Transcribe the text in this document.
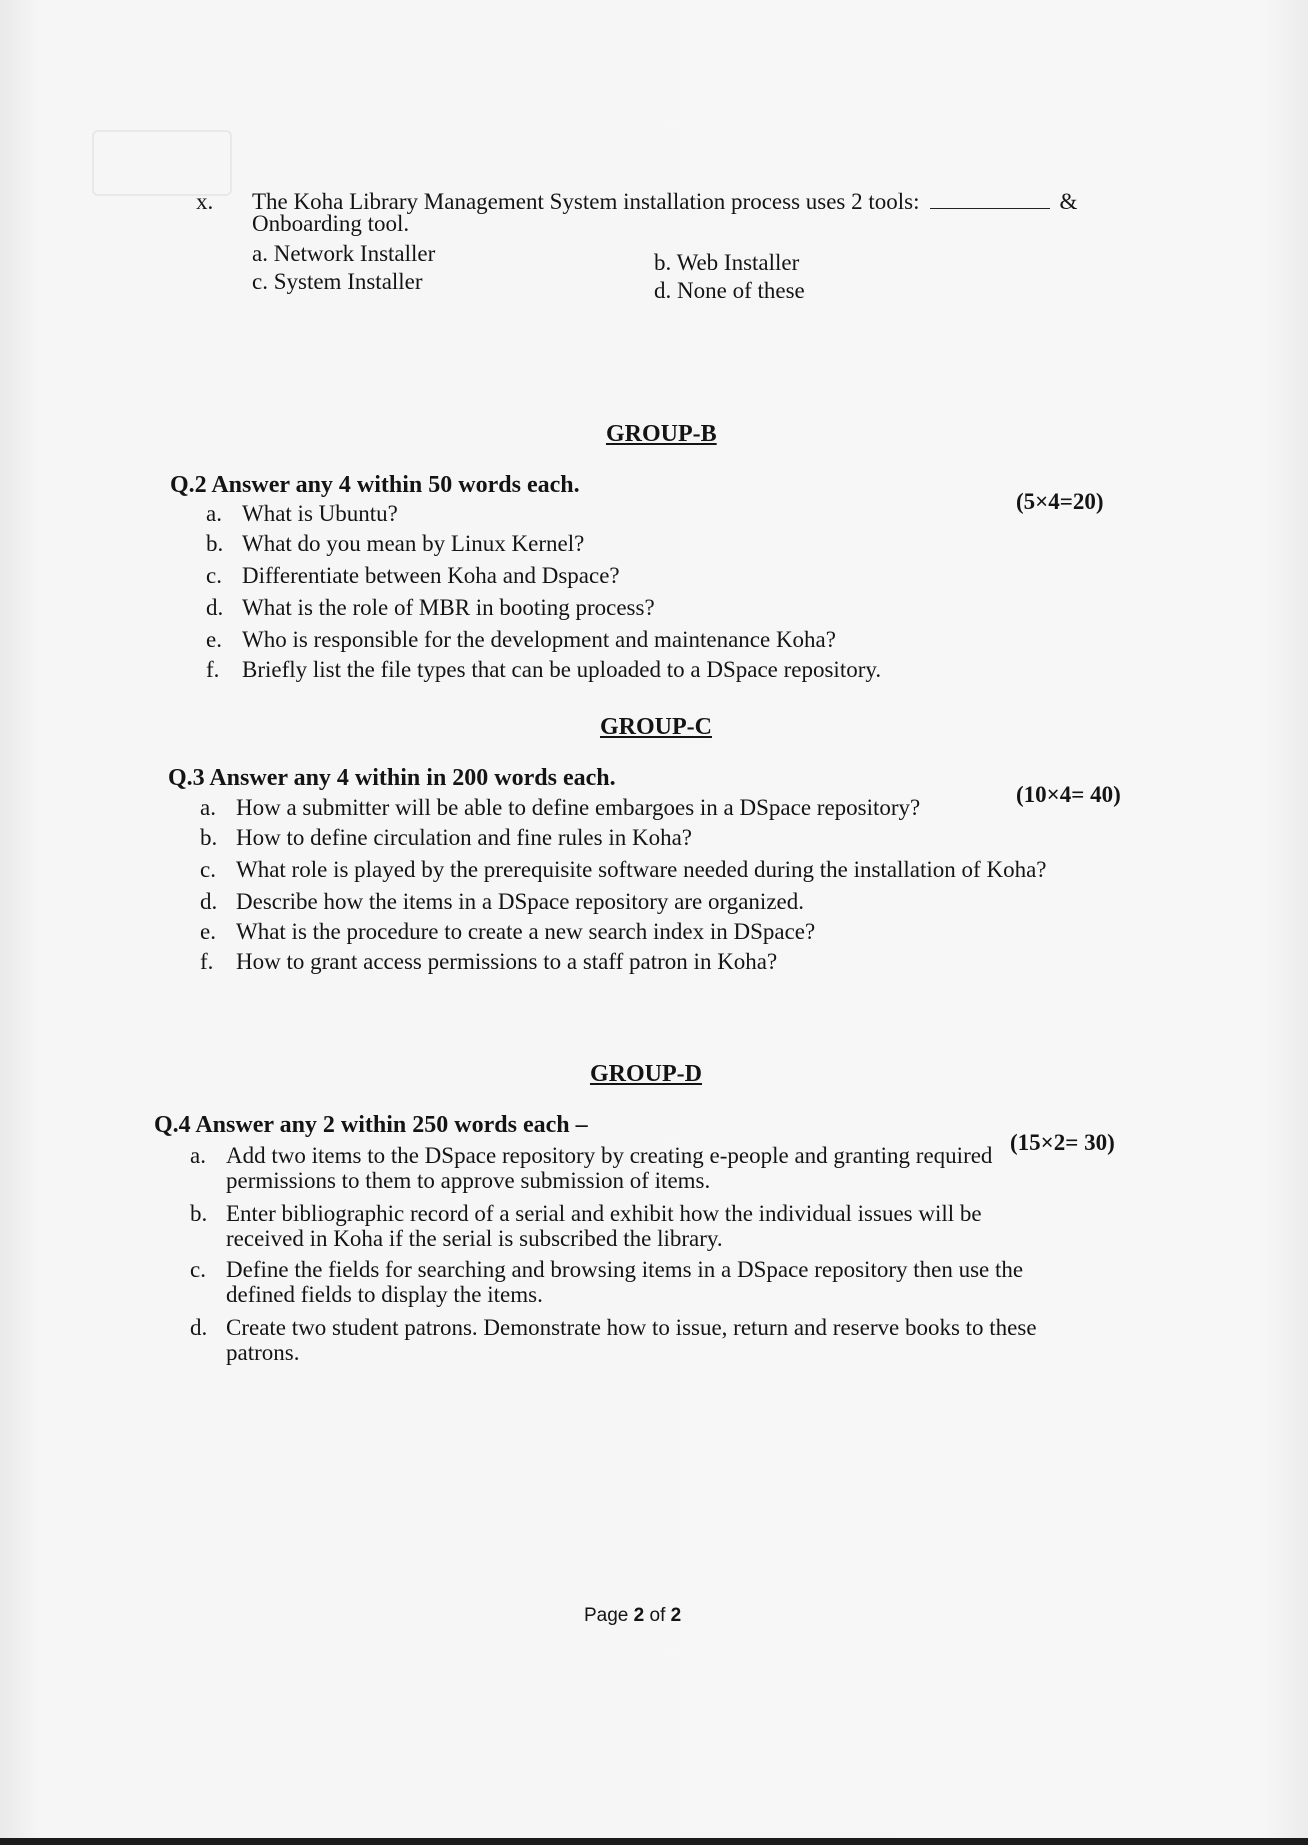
x. The Koha Library Management System installation process uses 2 tools:	&
Onboarding tool.
a. Network Installer	b. Web Installer
c. System Installer	d. None of these
GROUP-B
Q.2 Answer any 4 within 50 words each.
(5×4=20)
a. What is Ubuntu?
b. What do you mean by Linux Kernel?
c. Differentiate between Koha and Dspace?
d. What is the role of MBR in booting process?
e. Who is responsible for the development and maintenance Koha?
f. Briefly list the file types that can be uploaded to a DSpace repository.
GROUP-C
Q.3 Answer any 4 within in 200 words each.
(10×4= 40)
a. How a submitter will be able to define embargoes in a DSpace repository?
b. How to define circulation and fine rules in Koha?
c. What role is played by the prerequisite software needed during the installation of Koha?
d. Describe how the items in a DSpace repository are organized.
e. What is the procedure to create a new search index in DSpace?
f. How to grant access permissions to a staff patron in Koha?
GROUP-D
Q.4 Answer any 2 within 250 words each –
(15×2= 30)
a. Add two items to the DSpace repository by creating e-people and granting required
permissions to them to approve submission of items.
b. Enter bibliographic record of a serial and exhibit how the individual issues will be
received in Koha if the serial is subscribed the library.
c. Define the fields for searching and browsing items in a DSpace repository then use the
defined fields to display the items.
d. Create two student patrons. Demonstrate how to issue, return and reserve books to these
patrons.
Page 2 of 2
